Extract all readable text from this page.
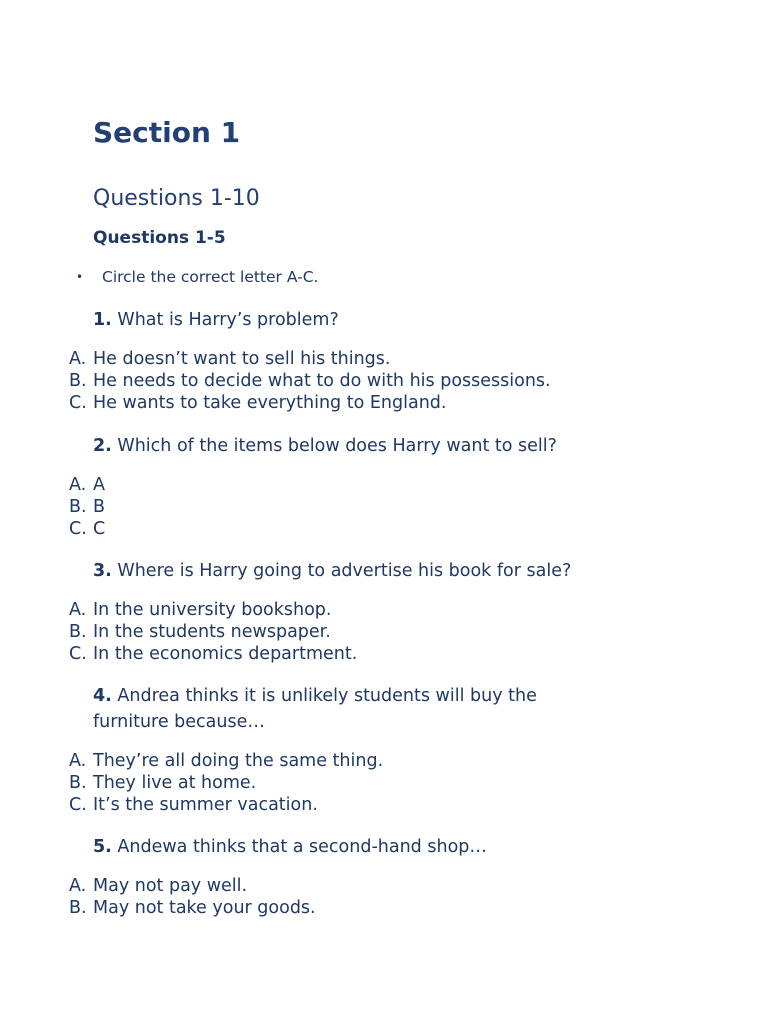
Section 1
Questions 1-10
Questions 1-5
• Circle the correct letter A-C.
1. What is Harry’s problem?
A. He doesn’t want to sell his things.
B. He needs to decide what to do with his possessions.
C. He wants to take everything to England.
2. Which of the items below does Harry want to sell?
A. A
B. B
C. C
3. Where is Harry going to advertise his book for sale?
A. In the university bookshop.
B. In the students newspaper.
C. In the economics department.
4. Andrea thinks it is unlikely students will buy the furniture because…
A. They’re all doing the same thing.
B. They live at home.
C. It’s the summer vacation.
5. Andewa thinks that a second-hand shop…
A. May not pay well.
B. May not take your goods.
